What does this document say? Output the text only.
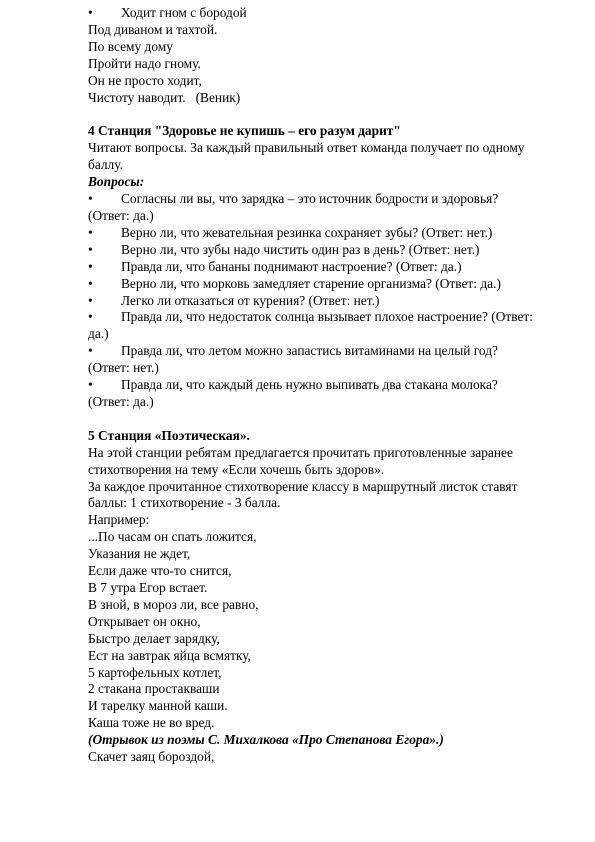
• Ходит гном с бородой
Под диваном и тахтой.
По всему дому
Пройти надо гному.
Он не просто ходит,
Чистоту наводит.   (Веник)
4 Станция "Здоровье не купишь – его разум дарит"
Читают вопросы. За каждый правильный ответ команда получает по одному
баллу.
Вопросы:
• Согласны ли вы, что зарядка – это источник бодрости и здоровья?
(Ответ: да.)
• Верно ли, что жевательная резинка сохраняет зубы? (Ответ: нет.)
• Верно ли, что зубы надо чистить один раз в день? (Ответ: нет.)
• Правда ли, что бананы поднимают настроение? (Ответ: да.)
• Верно ли, что морковь замедляет старение организма? (Ответ: да.)
• Легко ли отказаться от курения? (Ответ: нет.)
• Правда ли, что недостаток солнца вызывает плохое настроение? (Ответ:
да.)
• Правда ли, что летом можно запастись витаминами на целый год?
(Ответ: нет.)
• Правда ли, что каждый день нужно выпивать два стакана молока?
(Ответ: да.)
5 Станция «Поэтическая».
На этой станции ребятам предлагается прочитать приготовленные заранее
стихотворения на тему «Если хочешь быть здоров».
За каждое прочитанное стихотворение классу в маршрутный листок ставят
баллы: 1 стихотворение - 3 балла.
Например:
...По часам он спать ложится,
Указания не ждет,
Если даже что-то снится,
В 7 утра Егор встает.
В зной, в мороз ли, все равно,
Открывает он окно,
Быстро делает зарядку,
Ест на завтрак яйца всмятку,
5 картофельных котлет,
2 стакана простакваши
И тарелку манной каши.
Каша тоже не во вред.
(Отрывок из поэмы С. Михалкова «Про Степанова Егора».)
Скачет заяц бороздой,
